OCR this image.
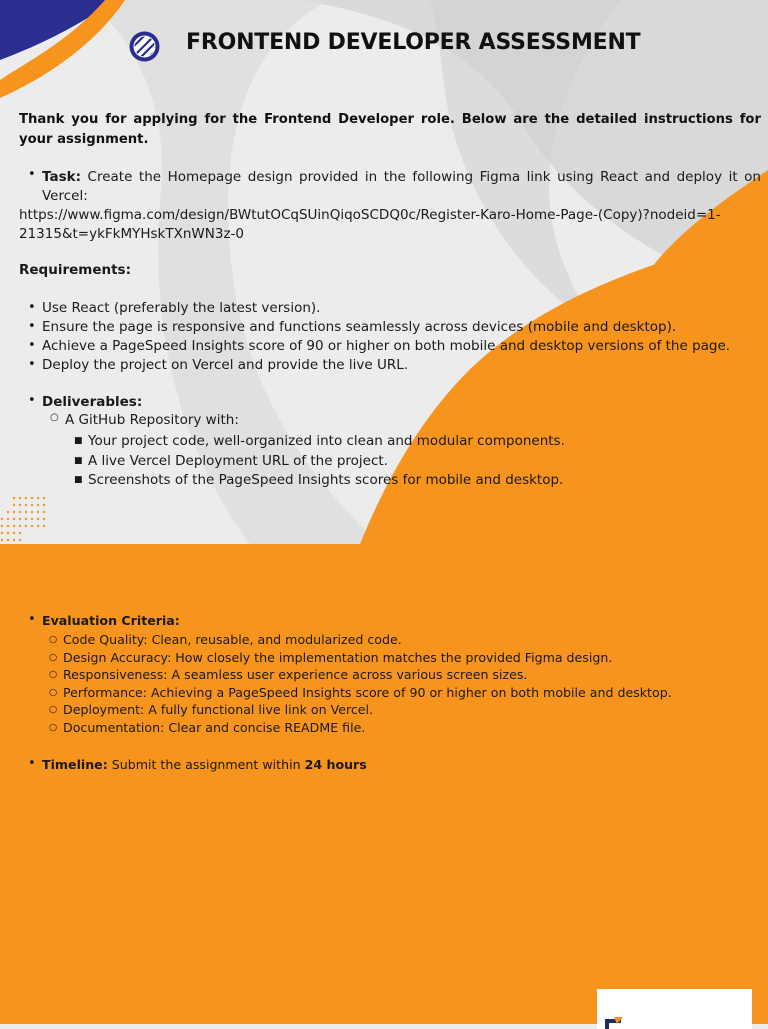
FRONTEND DEVELOPER ASSESSMENT
Thank you for applying for the Frontend Developer role. Below are the detailed instructions for your assignment.
• Task: Create the Homepage design provided in the following Figma link using React and deploy it on Vercel:
https://www.figma.com/design/BWtutOCqSUinQiqoSCDQ0c/Register-Karo-Home-Page-(Copy)?nodeid=1-21315&t=ykFkMYHskTXnWN3z-0
Requirements:
•
•
•
•
Use React (preferably the latest version).
Ensure the page is responsive and functions seamlessly across devices (mobile and desktop).
Achieve a PageSpeed Insights score of 90 or higher on both mobile and desktop versions of the page.
Deploy the project on Vercel and provide the live URL.
• Deliverables:
○ A GitHub Repository with:
■
■
■
Your project code, well-organized into clean and modular components.
A live Vercel Deployment URL of the project.
Screenshots of the PageSpeed Insights scores for mobile and desktop.
• Evaluation Criteria:
○
○
○
○
○
○
Code Quality: Clean, reusable, and modularized code.
Design Accuracy: How closely the implementation matches the provided Figma design.
Responsiveness: A seamless user experience across various screen sizes.
Performance: Achieving a PageSpeed Insights score of 90 or higher on both mobile and desktop.
Deployment: A fully functional live link on Vercel.
Documentation: Clear and concise README file.
• Timeline: Submit the assignment within 24 hours
